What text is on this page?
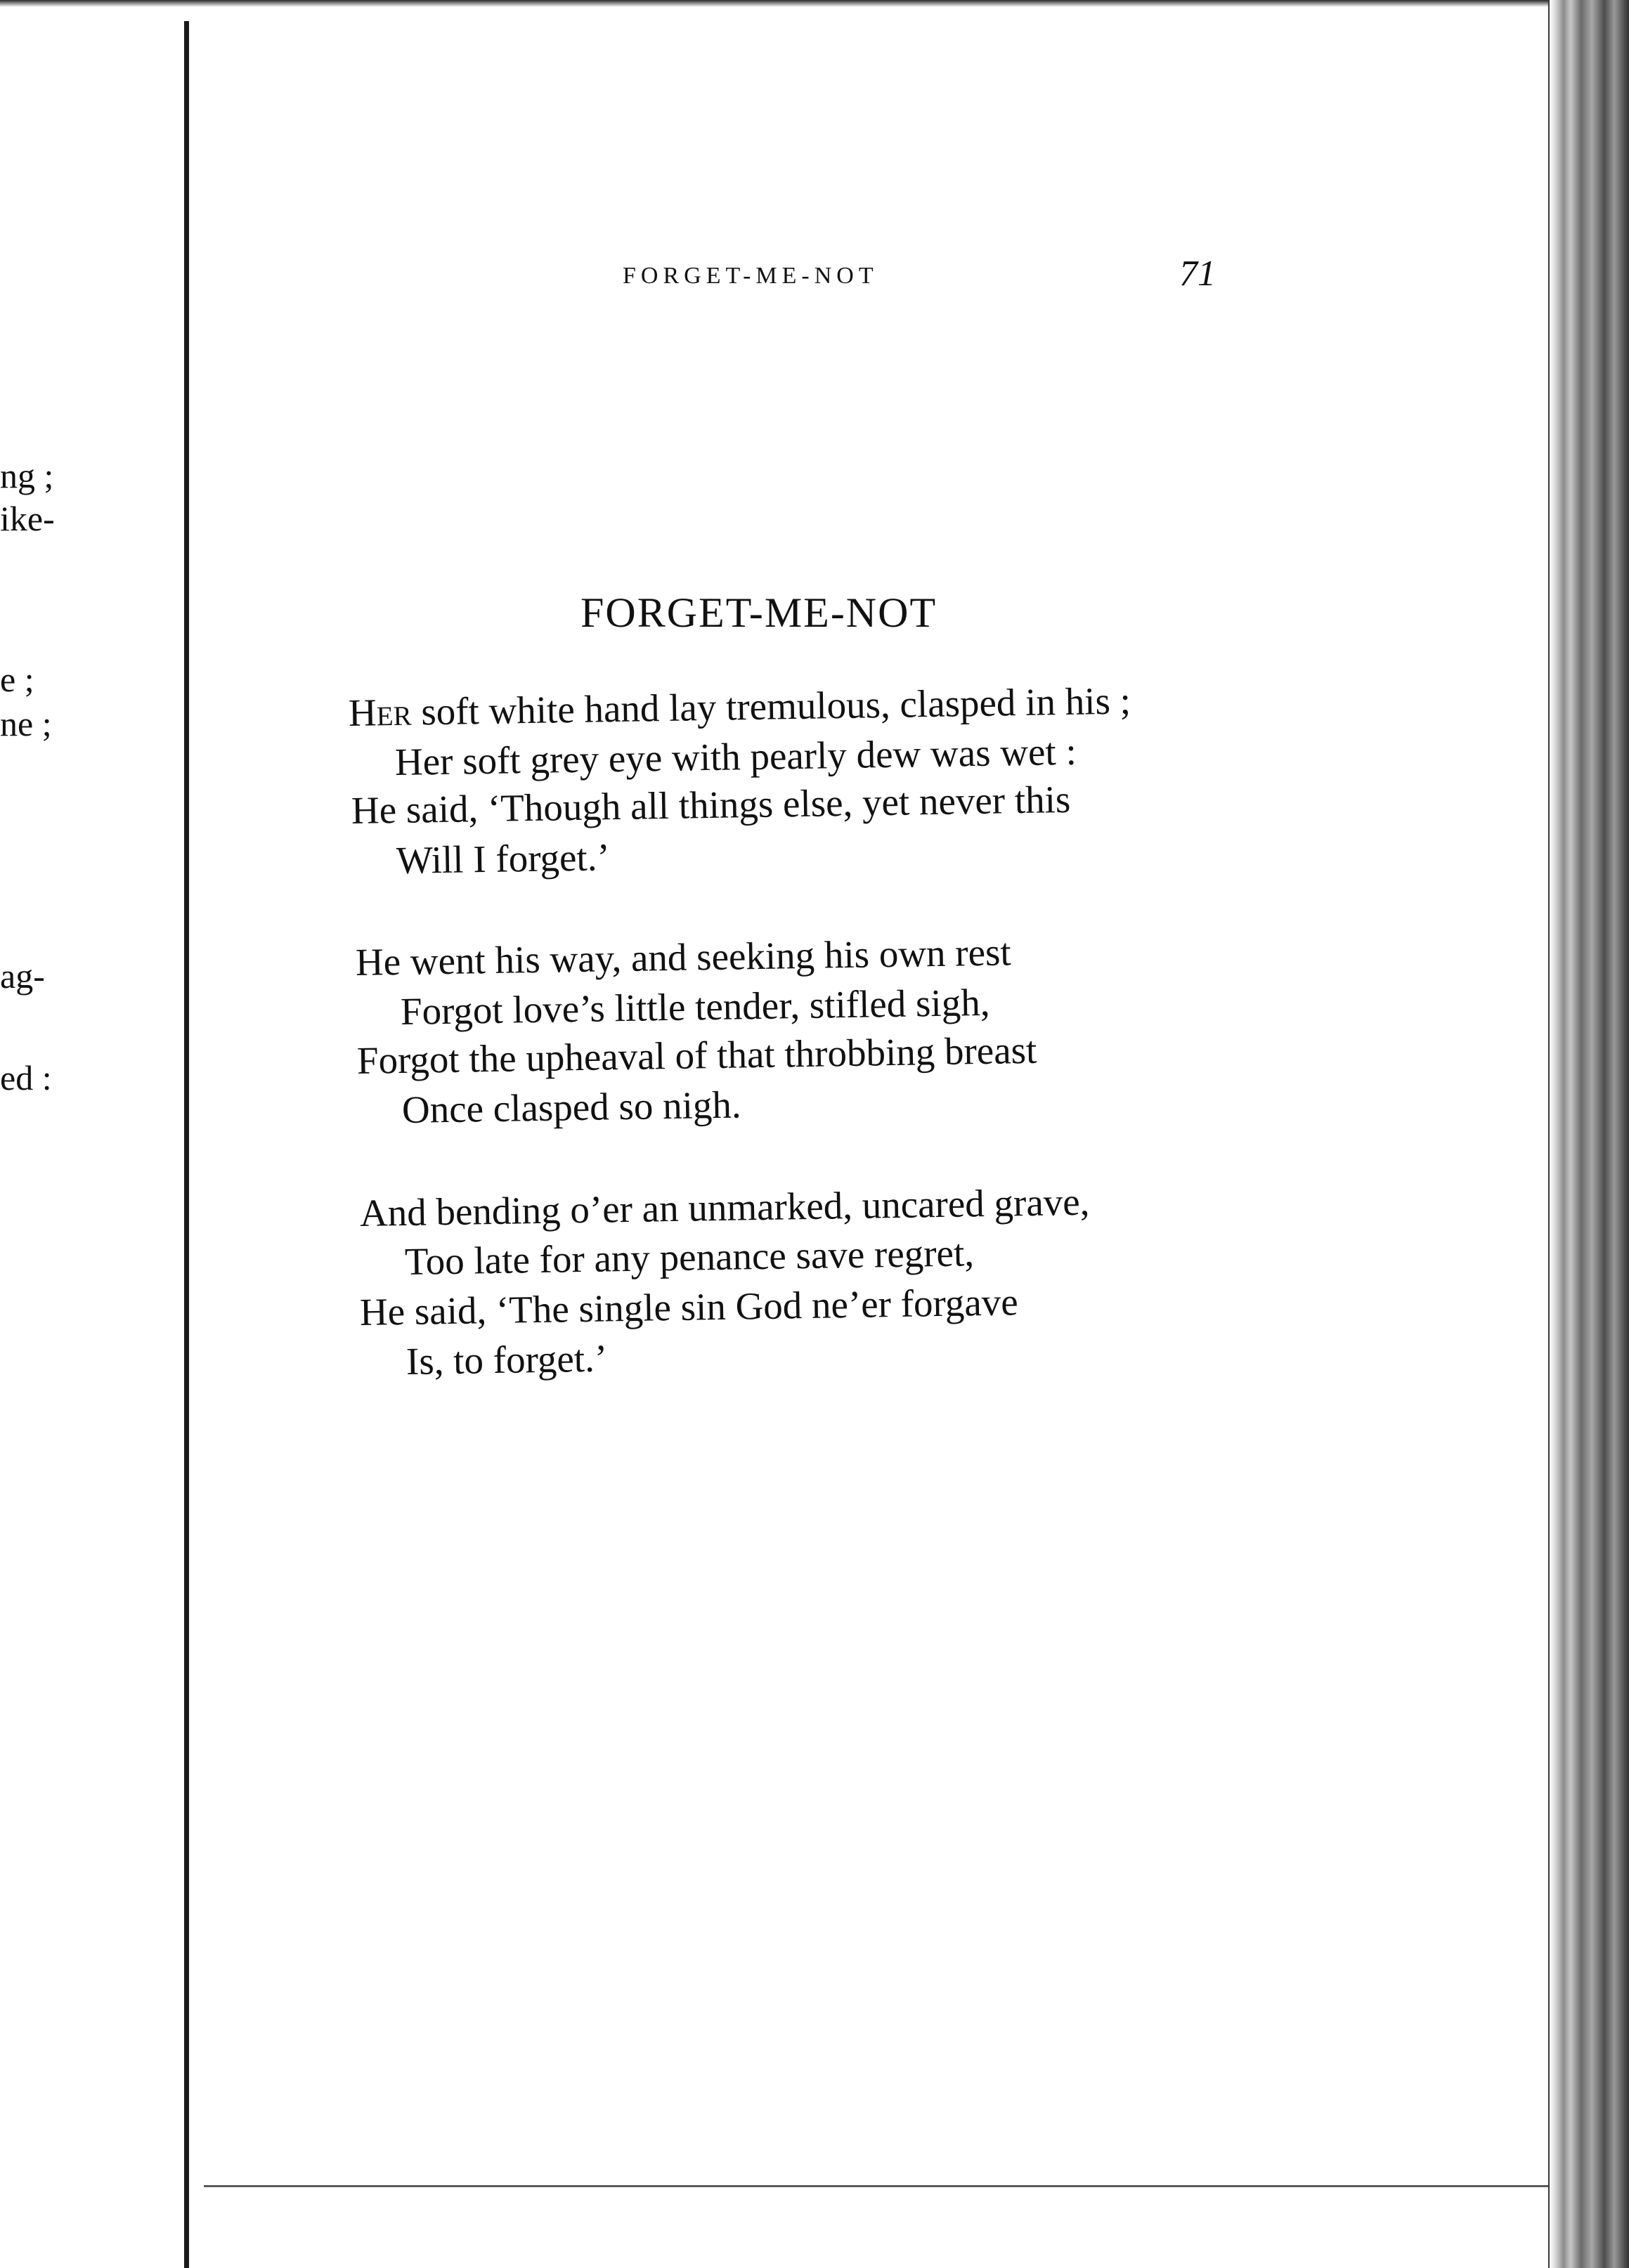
ng ;
ike-
e ;
ne ;
ag-
ed :
FORGET-ME-NOT	71
FORGET-ME-NOT
Her soft white hand lay tremulous, clasped in his ;
Her soft grey eye with pearly dew was wet :
He said, ‘Though all things else, yet never this
Will I forget.’
He went his way, and seeking his own rest
Forgot love’s little tender, stifled sigh,
Forgot the upheaval of that throbbing breast
Once clasped so nigh.
And bending o’er an unmarked, uncared grave,
Too late for any penance save regret,
He said, ‘The single sin God ne’er forgave
Is, to forget.’
